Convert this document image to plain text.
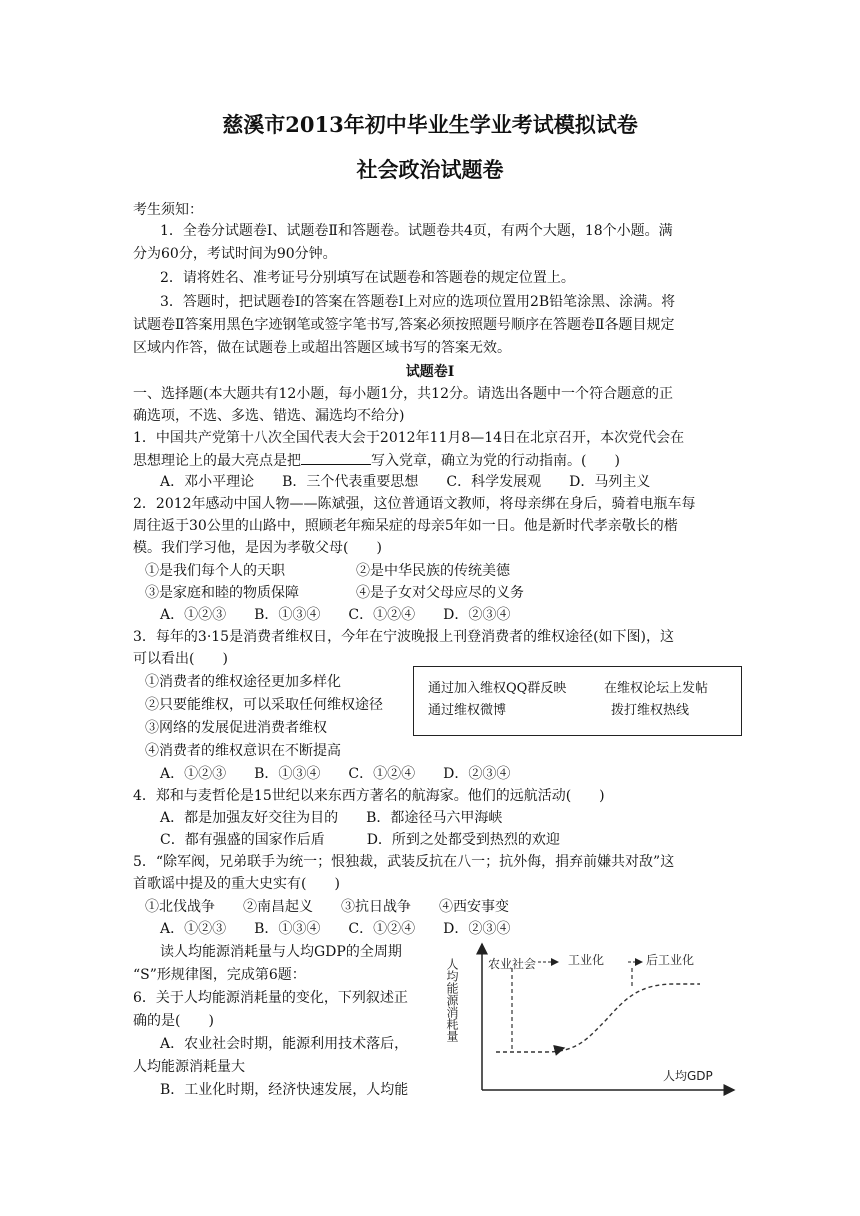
慈溪市2013年初中毕业生学业考试模拟试卷
社会政治试题卷
考生须知：
1．全卷分试题卷Ⅰ、试题卷Ⅱ和答题卷。试题卷共4页，有两个大题，18个小题。满
分为60分，考试时间为90分钟。
2．请将姓名、准考证号分别填写在试题卷和答题卷的规定位置上。
3．答题时，把试题卷Ⅰ的答案在答题卷Ⅰ上对应的选项位置用2B铅笔涂黑、涂满。将
试题卷Ⅱ答案用黑色字迹钢笔或签字笔书写,答案必须按照题号顺序在答题卷Ⅱ各题目规定
区域内作答，做在试题卷上或超出答题区域书写的答案无效。
试题卷Ⅰ
一、选择题(本大题共有12小题，每小题1分，共12分。请选出各题中一个符合题意的正
确选项，不选、多选、错选、漏选均不给分)
1．中国共产党第十八次全国代表大会于2012年11月8—14日在北京召开，本次党代会在
思想理论上的最大亮点是把	写入党章，确立为党的行动指南。(　　)
A．邓小平理论　　B．三个代表重要思想　　C．科学发展观　　D．马列主义
2．2012年感动中国人物——陈斌强，这位普通语文教师，将母亲绑在身后，骑着电瓶车每
周往返于30公里的山路中，照顾老年痴呆症的母亲5年如一日。他是新时代孝亲敬长的楷
模。我们学习他，是因为孝敬父母(　　)
①是我们每个人的天职	②是中华民族的传统美德
③是家庭和睦的物质保障	④是子女对父母应尽的义务
A．①②③　　B．①③④　　C．①②④　　D．②③④
3．每年的3·15是消费者维权日，今年在宁波晚报上刊登消费者的维权途径(如下图)，这
可以看出(　　)
①消费者的维权途径更加多样化
②只要能维权，可以采取任何维权途径
③网络的发展促进消费者维权
④消费者的维权意识在不断提高
A．①②③　　B．①③④　　C．①②④　　D．②③④
通过加入维权QQ群反映	在维权论坛上发帖
通过维权微博	拨打维权热线
4．郑和与麦哲伦是15世纪以来东西方著名的航海家。他们的远航活动(　　)
A．都是加强友好交往为目的　　B．都途径马六甲海峡
C．都有强盛的国家作后盾　　　D．所到之处都受到热烈的欢迎
5．“除军阀，兄弟联手为统一；恨独裁，武装反抗在八一；抗外侮，捐弃前嫌共对敌”这
首歌谣中提及的重大史实有(　　)
①北伐战争　　②南昌起义　　③抗日战争　　④西安事变
A．①②③　　B．①③④　　C．①②④　　D．②③④
读人均能源消耗量与人均GDP的全周期
“S”形规律图，完成第6题：
6．关于人均能源消耗量的变化，下列叙述正
确的是(　　)
A．农业社会时期，能源利用技术落后，
人均能源消耗量大
B．工业化时期，经济快速发展，人均能
人均能源消耗量
人均GDP
农业社会	工业化	后工业化
